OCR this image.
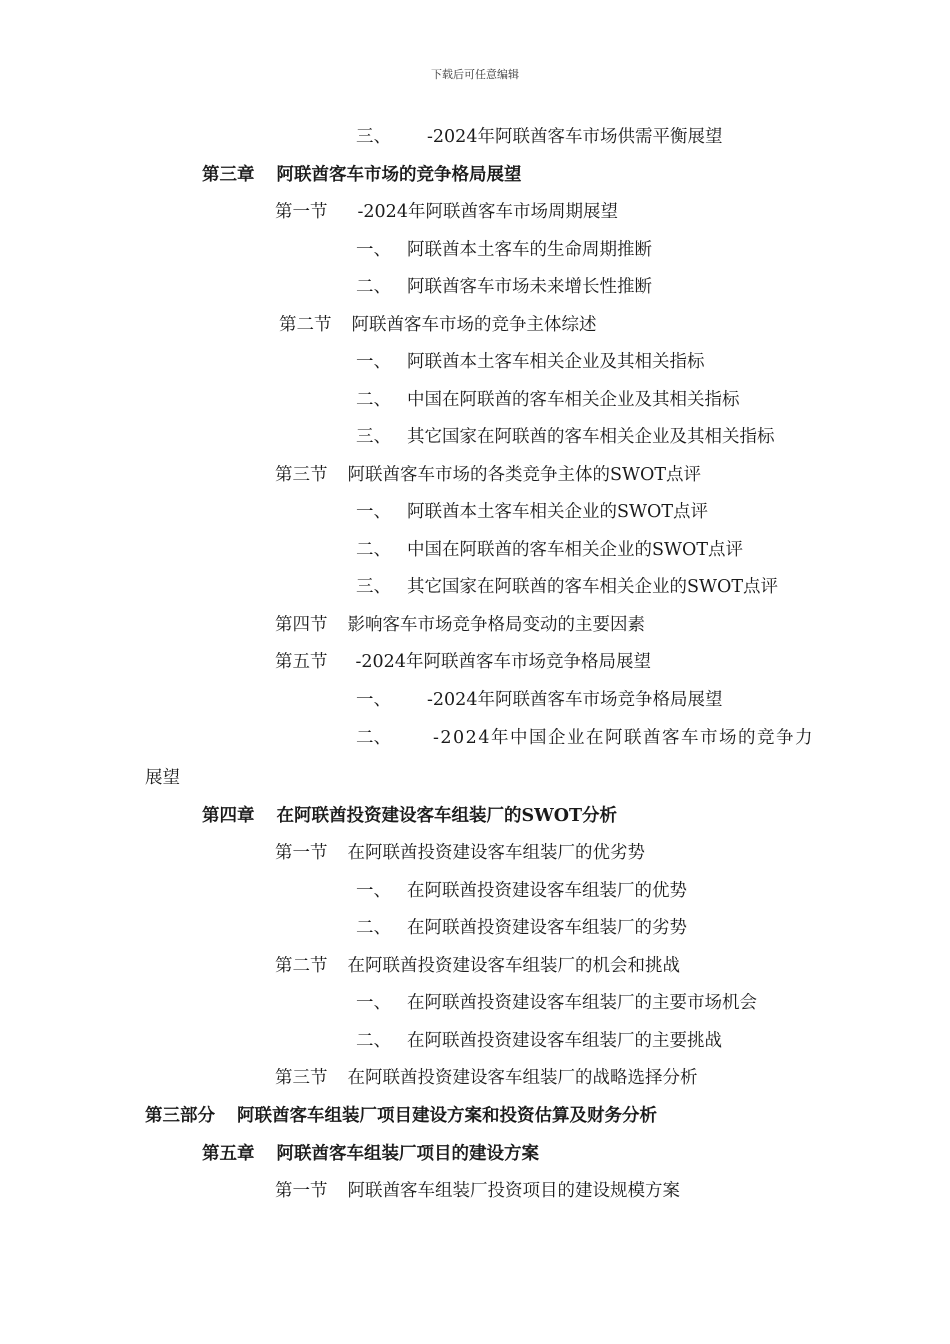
下载后可任意编辑
三、 -2024年阿联酋客车市场供需平衡展望
第三章 阿联酋客车市场的竞争格局展望
第一节 -2024年阿联酋客车市场周期展望
一、 阿联酋本土客车的生命周期推断
二、 阿联酋客车市场未来增长性推断
第二节 阿联酋客车市场的竞争主体综述
一、 阿联酋本土客车相关企业及其相关指标
二、 中国在阿联酋的客车相关企业及其相关指标
三、 其它国家在阿联酋的客车相关企业及其相关指标
第三节 阿联酋客车市场的各类竞争主体的SWOT点评
一、 阿联酋本土客车相关企业的SWOT点评
二、 中国在阿联酋的客车相关企业的SWOT点评
三、 其它国家在阿联酋的客车相关企业的SWOT点评
第四节 影响客车市场竞争格局变动的主要因素
第五节 -2024年阿联酋客车市场竞争格局展望
一、 -2024年阿联酋客车市场竞争格局展望
二、 -2024年中国企业在阿联酋客车市场的竞争力
展望
第四章 在阿联酋投资建设客车组装厂的SWOT分析
第一节 在阿联酋投资建设客车组装厂的优劣势
一、 在阿联酋投资建设客车组装厂的优势
二、 在阿联酋投资建设客车组装厂的劣势
第二节 在阿联酋投资建设客车组装厂的机会和挑战
一、 在阿联酋投资建设客车组装厂的主要市场机会
二、 在阿联酋投资建设客车组装厂的主要挑战
第三节 在阿联酋投资建设客车组装厂的战略选择分析
第三部分 阿联酋客车组装厂项目建设方案和投资估算及财务分析
第五章 阿联酋客车组装厂项目的建设方案
第一节 阿联酋客车组装厂投资项目的建设规模方案
